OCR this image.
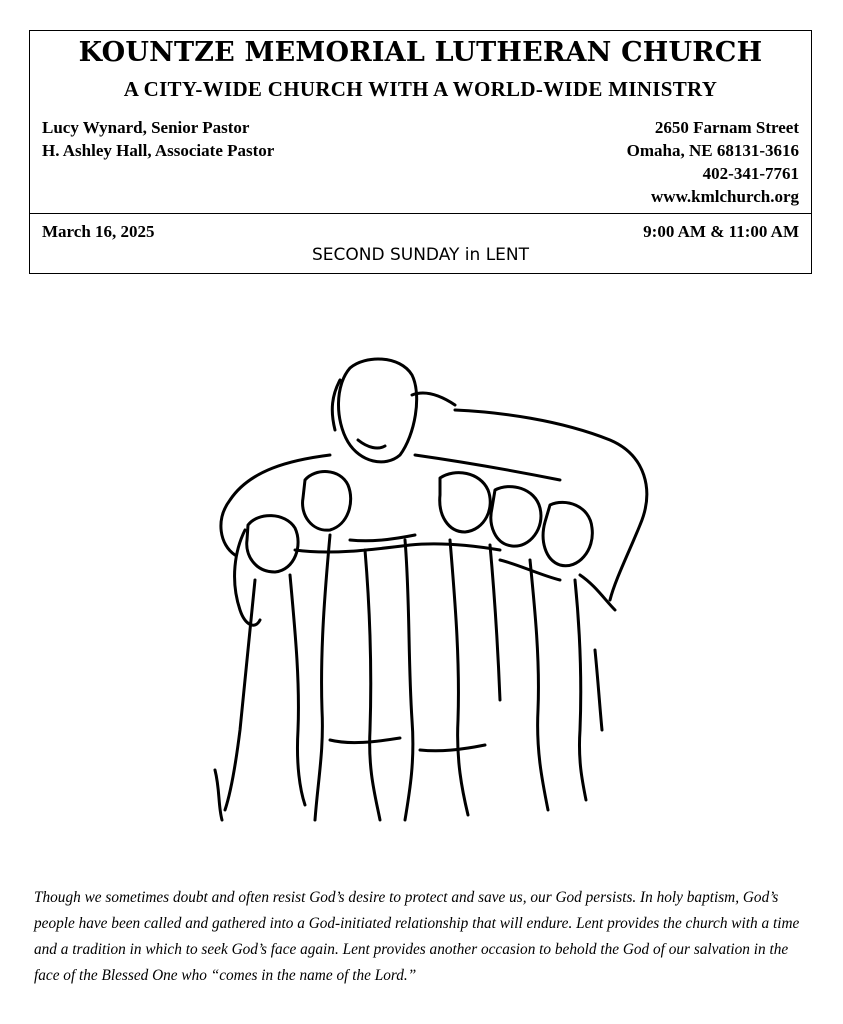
KOUNTZE MEMORIAL LUTHERAN CHURCH
A CITY-WIDE CHURCH WITH A WORLD-WIDE MINISTRY
Lucy Wynard, Senior Pastor
H. Ashley Hall, Associate Pastor
2650 Farnam Street
Omaha, NE 68131-3616
402-341-7761
www.kmlchurch.org
March 16, 2025	9:00 AM & 11:00 AM
SECOND SUNDAY in LENT
Though we sometimes doubt and often resist God’s desire to protect and save us, our God persists. In holy baptism, God’s people have been called and gathered into a God-initiated relationship that will endure. Lent provides the church with a time and a tradition in which to seek God’s face again. Lent provides another occasion to behold the God of our salvation in the face of the Blessed One who “comes in the name of the Lord.”
